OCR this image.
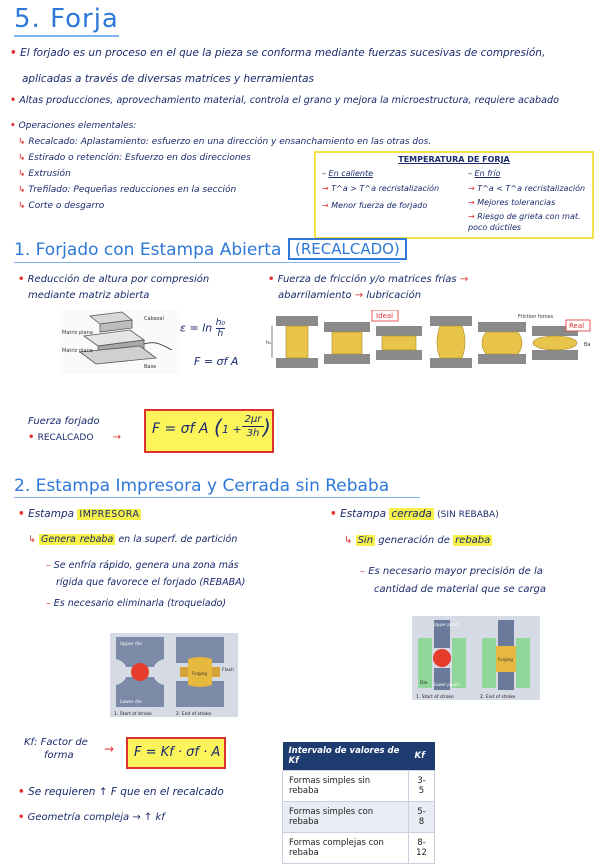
5. Forja
• El forjado es un proceso en el que la pieza se conforma mediante fuerzas sucesivas de compresión,
aplicadas a través de diversas matrices y herramientas
• Altas producciones, aprovechamiento material, controla el grano y mejora la microestructura, requiere acabado
• Operaciones elementales:
↳ Recalcado: Aplastamiento: esfuerzo en una dirección y ensanchamiento en las otras dos.
↳ Estirado o retención: Esfuerzo en dos direcciones
↳ Extrusión
↳ Trefilado: Pequeñas reducciones en la sección
↳ Corte o desgarro
TEMPERATURA DE FORJA
– En caliente
→ T^a > T^a recristalización
→ Menor fuerza de forjado
– En frío
→ T^a < T^a recristalización
→ Mejores tolerancias
→ Riesgo de grieta con mat. poco dúctiles
1. Forjado con Estampa Abierta (RECALCADO)
• Reducción de altura por compresión
mediante matriz abierta
• Fuerza de fricción y/o matrices frías →
abarrilamiento → lubricación
Cabezal
Matriz plana
Matriz plana
Base
$\varepsilon = \ln \frac{\text{h₀}}{h}$
F = σf A
h₀
Ideal	Friction forces
Real
Ba
Fuerza forjado
• RECALCADO →
F = σf A ( 1 +
2μr
3h )
2. Estampa Impresora y Cerrada sin Rebaba
• Estampa IMPRESORA
↳ Genera rebaba en la superf. de partición
– Se enfría rápido, genera una zona más
rígida que favorece el forjado (REBABA)
– Es necesario eliminarla (troquelado)
• Estampa cerrada (SIN REBABA)
↳ Sin generación de rebaba
– Es necesario mayor precisión de la
cantidad de material que se carga
Upper die
Lower die
Forging
Flash
1. Start of stroke	2. End of stroke
Upper punch
Lower punch
Die
Forging
1. Start of stroke	2. End of stroke
Kf: Factor de
forma	→ F = Kf · σf · A	Intervalo de valores de Kf	Kf
Formas simples sin rebaba	3-5
Formas simples con rebaba	5-8
Formas complejas con rebaba	8-12
• Se requieren ↑ F que en el recalcado
• Geometría compleja → ↑ kf
